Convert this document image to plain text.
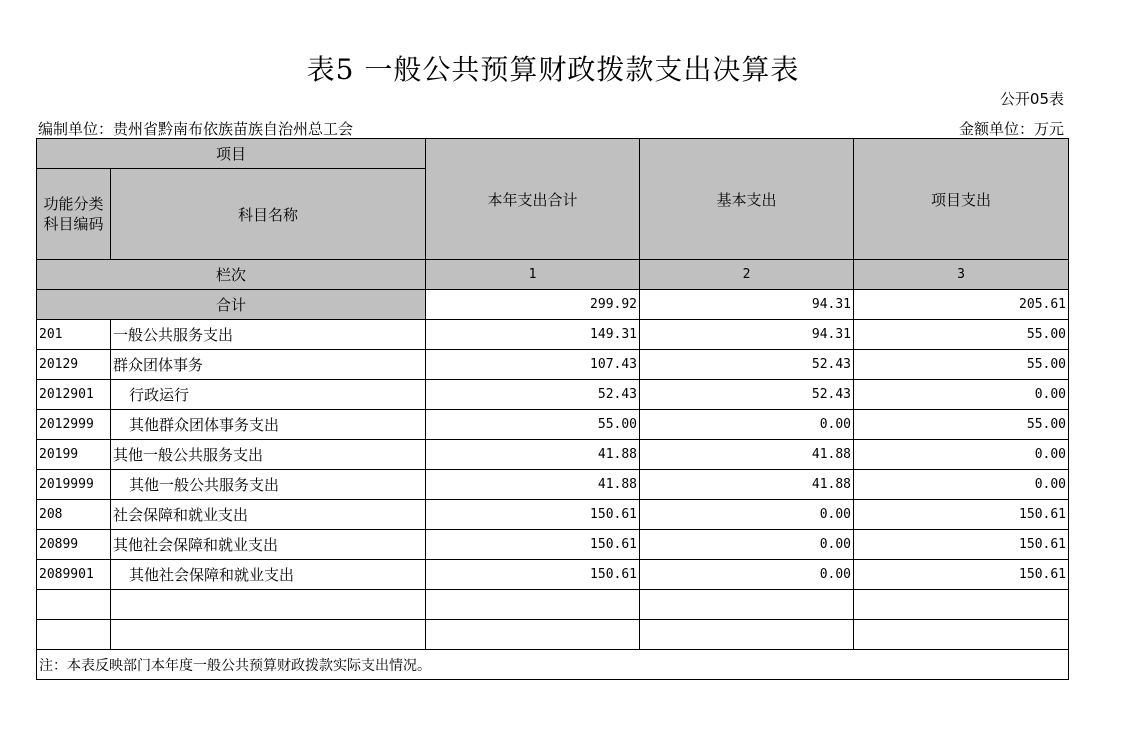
表5 一般公共预算财政拨款支出决算表
公开05表
编制单位：贵州省黔南布依族苗族自治州总工会	金额单位：万元
项目		本年支出合计	基本支出	项目支出
功能分类科目编码	科目名称			
栏次		1	2	3
合计		299.92	94.31	205.61
201	一般公共服务支出	149.31	94.31	55.00
20129	群众团体事务	107.43	52.43	55.00
2012901	行政运行	52.43	52.43	0.00
2012999	其他群众团体事务支出	55.00	0.00	55.00
20199	其他一般公共服务支出	41.88	41.88	0.00
2019999	其他一般公共服务支出	41.88	41.88	0.00
208	社会保障和就业支出	150.61	0.00	150.61
20899	其他社会保障和就业支出	150.61	0.00	150.61
2089901	其他社会保障和就业支出	150.61	0.00	150.61

注：本表反映部门本年度一般公共预算财政拨款实际支出情况。				
